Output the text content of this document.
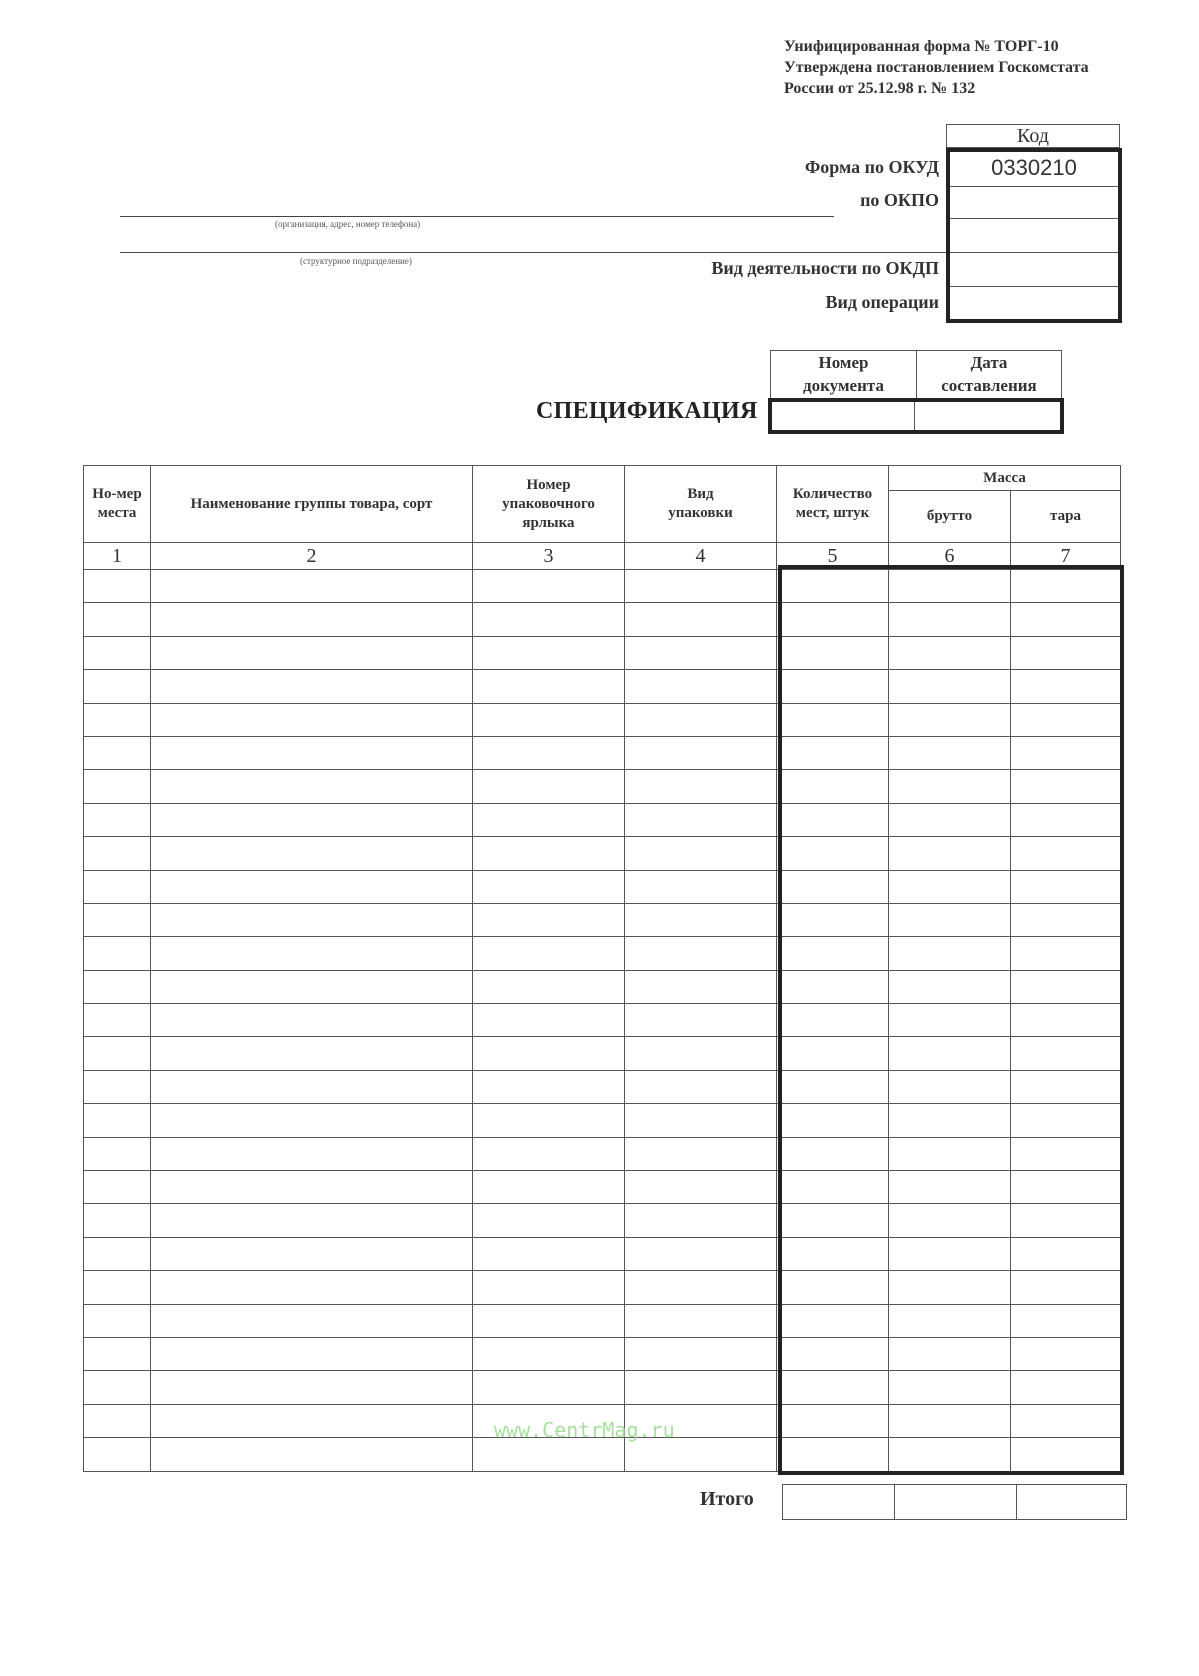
Унифицированная форма № ТОРГ-10
Утверждена постановлением Госкомстата
России от 25.12.98 г. № 132
Код
0330210
Форма по ОКУД
по ОКПО
Вид деятельности по ОКДП
Вид операции
(организация, адрес, номер телефона)
(структурное подразделение)
Номер документа
Дата составления
СПЕЦИФИКАЦИЯ
Но-мер места	Наименование группы товара, сорт	Номер упаковочного ярлыка	Вид упаковки	Количество мест, штук	Масса	
					брутто	тара
1	2	3	4	5	6	7

Итого

www.CentrMag.ru
